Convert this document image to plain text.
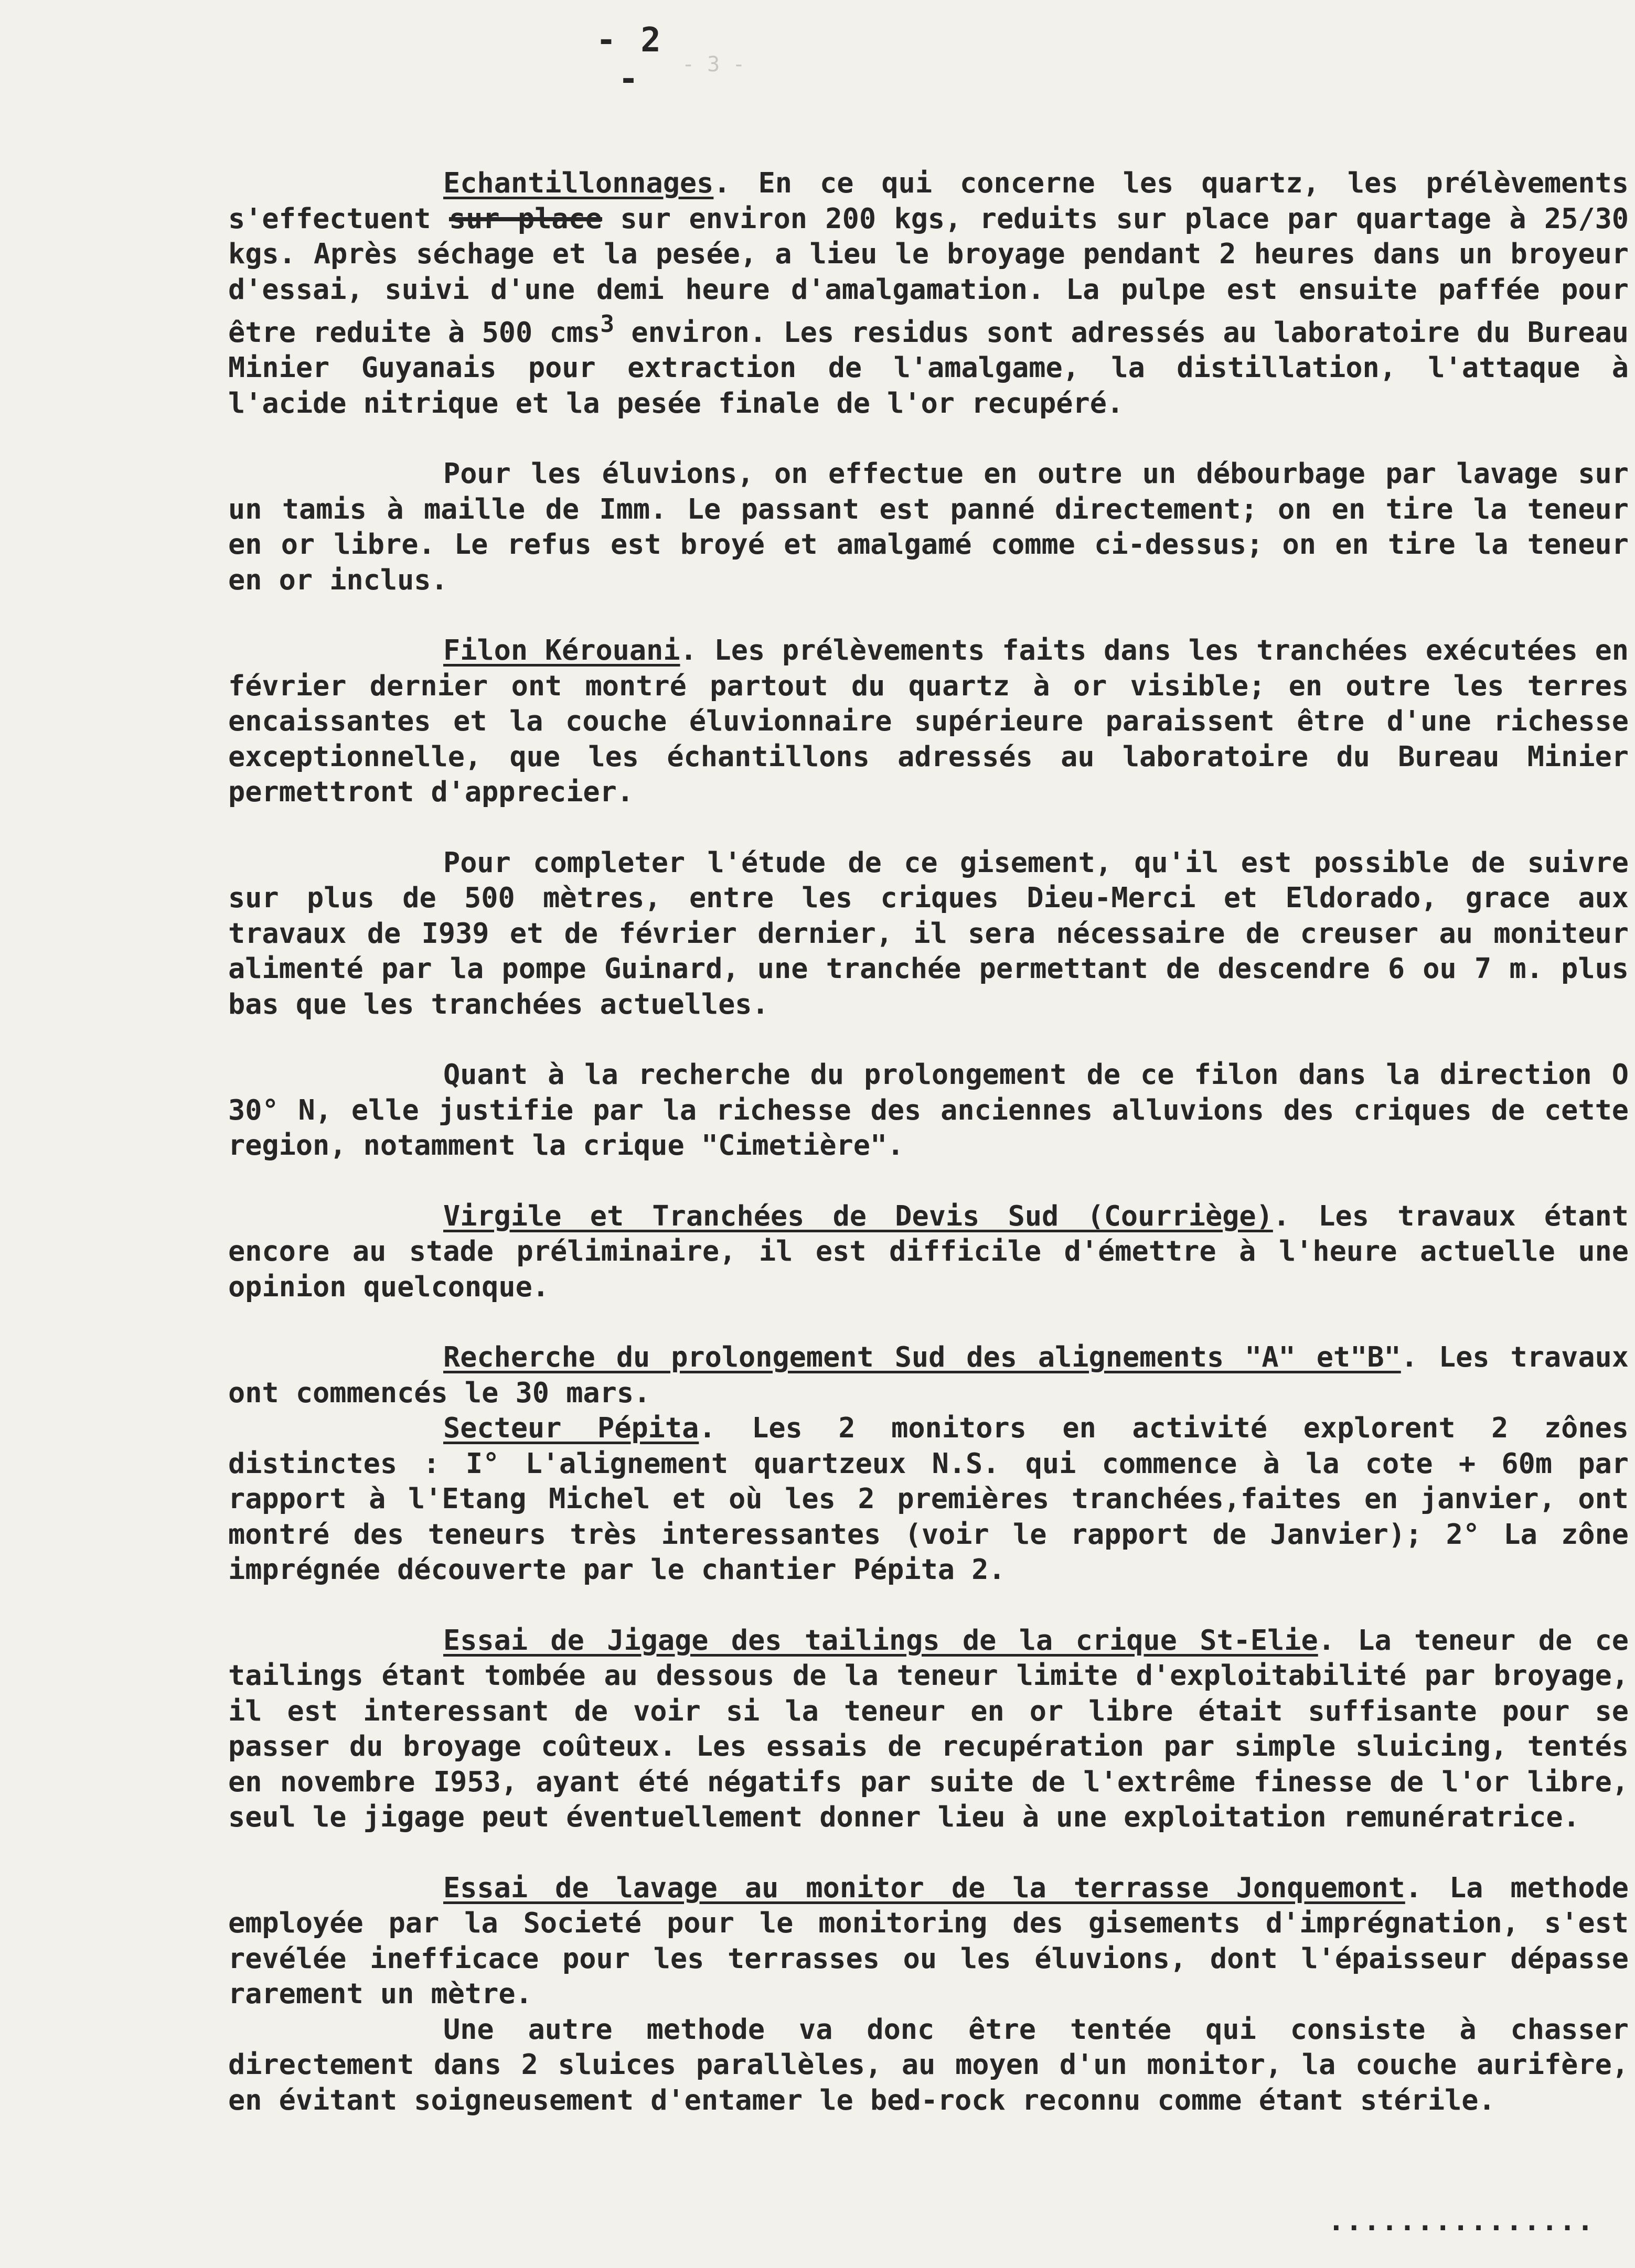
- 3 -
- 2 -

Echantillonnages. En ce qui concerne les quartz, les prélèvements s'effectuent sur place sur environ 200 kgs, reduits sur place par quartage à 25/30 kgs. Après séchage et la pesée, a lieu le broyage pendant 2 heures dans un broyeur d'essai, suivi d'une demi heure d'amalgamation. La pulpe est ensuite paffée pour être reduite à 500 cms$^3$ environ. Les residus sont adressés au laboratoire du Bureau Minier Guyanais pour extraction de l'amalgame, la distillation, l'attaque à l'acide nitrique et la pesée finale de l'or recupéré.

Pour les éluvions, on effectue en outre un débourbage par lavage sur un tamis à maille de Imm. Le passant est panné directement; on en tire la teneur en or libre. Le refus est broyé et amalgamé comme ci-dessus; on en tire la teneur en or inclus.

Filon Kérouani. Les prélèvements faits dans les tranchées exécutées en février dernier ont montré partout du quartz à or visible; en outre les terres encaissantes et la couche éluvionnaire supérieure paraissent être d'une richesse exceptionnelle, que les échantillons adressés au laboratoire du Bureau Minier permettront d'apprecier.

Pour completer l'étude de ce gisement, qu'il est possible de suivre sur plus de 500 mètres, entre les criques Dieu-Merci et Eldorado, grace aux travaux de I939 et de février dernier, il sera nécessaire de creuser au moniteur alimenté par la pompe Guinard, une tranchée permettant de descendre 6 ou 7 m. plus bas que les tranchées actuelles.

Quant à la recherche du prolongement de ce filon dans la direction O 30° N, elle justifie par la richesse des anciennes alluvions des criques de cette region, notamment la crique "Cimetière".

Virgile et Tranchées de Devis Sud (Courriège). Les travaux étant encore au stade préliminaire, il est difficile d'émettre à l'heure actuelle une opinion quelconque.

Recherche du prolongement Sud des alignements "A" et"B". Les travaux ont commencés le 30 mars.

Secteur Pépita. Les 2 monitors en activité explorent 2 zônes distinctes : I° L'alignement quartzeux N.S. qui commence à la cote + 60m par rapport à l'Etang Michel et où les 2 premières tranchées,faites en janvier, ont montré des teneurs très interessantes (voir le rapport de Janvier); 2° La zône imprégnée découverte par le chantier Pépita 2.

Essai de Jigage des tailings de la crique St-Elie. La teneur de ce tailings étant tombée au dessous de la teneur limite d'exploitabilité par broyage, il est interessant de voir si la teneur en or libre était suffisante pour se passer du broyage coûteux. Les essais de recupération par simple sluicing, tentés en novembre I953, ayant été négatifs par suite de l'extrême finesse de l'or libre, seul le jigage peut éventuellement donner lieu à une exploitation remunératrice.

Essai de lavage au monitor de la terrasse Jonquemont. La methode employée par la Societé pour le monitoring des gisements d'imprégnation, s'est revélée inefficace pour les terrasses ou les éluvions, dont l'épaisseur dépasse rarement un mètre.

Une autre methode va donc être tentée qui consiste à chasser directement dans 2 sluices parallèles, au moyen d'un monitor, la couche aurifère, en évitant soigneusement d'entamer le bed-rock reconnu comme étant stérile.

...............
